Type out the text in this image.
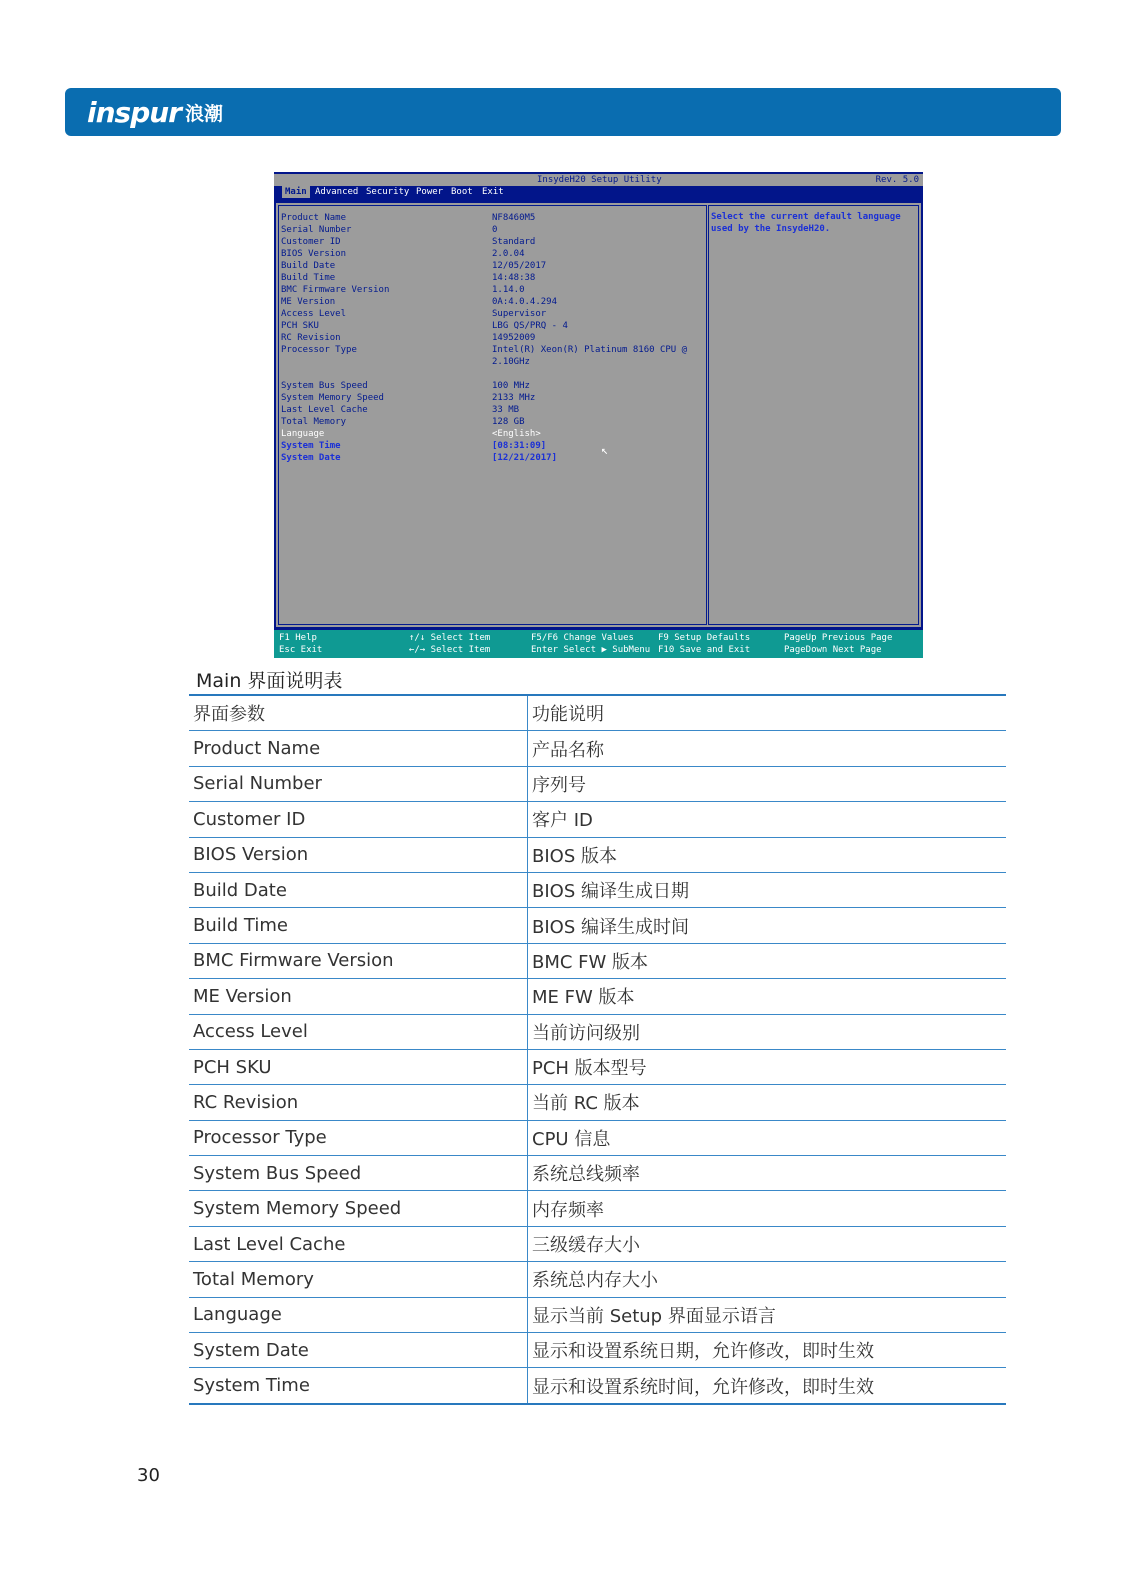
inspur 浪潮
InsydeH20 Setup Utility	Rev. 5.0
Main Advanced Security Power Boot	Exit
Product Name	NF8460M5
Serial Number	0
Customer ID	Standard
BIOS Version	2.0.04
Build Date	12/05/2017
Build Time	14:48:38
BMC Firmware Version	1.14.0
ME Version	0A:4.0.4.294
Access Level	Supervisor
PCH SKU	LBG QS/PRQ - 4
RC Revision	14952009
Processor Type	Intel(R) Xeon(R) Platinum 8160 CPU @
2.10GHz
System Bus Speed	100 MHz
System Memory Speed	2133 MHz
Last Level Cache	33 MB
Total Memory	128 GB
Language	<English>
System Time	[08:31:09]
System Date	[12/21/2017]
Select the current default language used by the InsydeH20.
↖
F1 Help
Esc Exit
↑/↓ Select Item
←/→ Select Item
F5/F6 Change Values
Enter Select ▶ SubMenu
F9 Setup Defaults
F10 Save and Exit
PageUp Previous Page
PageDown Next Page
Main 界面说明表
界面参数	功能说明
Product Name	产品名称
Serial Number	序列号
Customer ID	客户 ID
BIOS Version	BIOS 版本
Build Date	BIOS 编译生成日期
Build Time	BIOS 编译生成时间
BMC Firmware Version	BMC FW 版本
ME Version	ME FW 版本
Access Level	当前访问级别
PCH SKU	PCH 版本型号
RC Revision	当前 RC 版本
Processor Type	CPU 信息
System Bus Speed	系统总线频率
System Memory Speed	内存频率
Last Level Cache	三级缓存大小
Total Memory	系统总内存大小
Language	显示当前 Setup 界面显示语言
System Date	显示和设置系统日期，允许修改，即时生效
System Time	显示和设置系统时间，允许修改，即时生效
30
